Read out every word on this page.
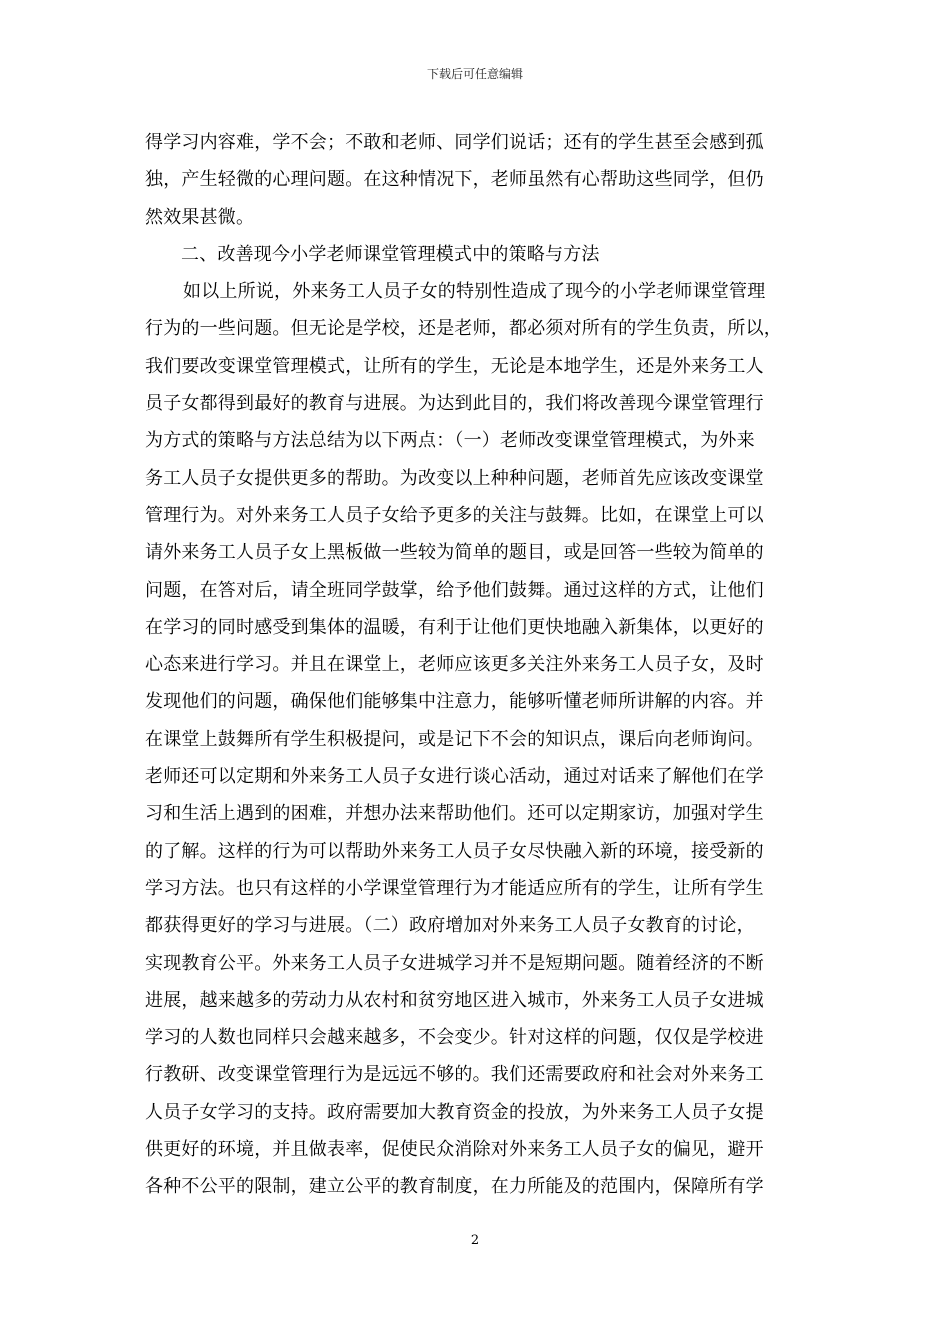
下载后可任意编辑
得学习内容难，学不会；不敢和老师、同学们说话；还有的学生甚至会感到孤
独，产生轻微的心理问题。在这种情况下，老师虽然有心帮助这些同学，但仍
然效果甚微。
二、改善现今小学老师课堂管理模式中的策略与方法
如以上所说，外来务工人员子女的特别性造成了现今的小学老师课堂管理
行为的一些问题。但无论是学校，还是老师，都必须对所有的学生负责，所以，
我们要改变课堂管理模式，让所有的学生，无论是本地学生，还是外来务工人
员子女都得到最好的教育与进展。为达到此目的，我们将改善现今课堂管理行
为方式的策略与方法总结为以下两点：（一）老师改变课堂管理模式，为外来
务工人员子女提供更多的帮助。为改变以上种种问题，老师首先应该改变课堂
管理行为。对外来务工人员子女给予更多的关注与鼓舞。比如，在课堂上可以
请外来务工人员子女上黑板做一些较为简单的题目，或是回答一些较为简单的
问题，在答对后，请全班同学鼓掌，给予他们鼓舞。通过这样的方式，让他们
在学习的同时感受到集体的温暖，有利于让他们更快地融入新集体，以更好的
心态来进行学习。并且在课堂上，老师应该更多关注外来务工人员子女，及时
发现他们的问题，确保他们能够集中注意力，能够听懂老师所讲解的内容。并
在课堂上鼓舞所有学生积极提问，或是记下不会的知识点，课后向老师询问。
老师还可以定期和外来务工人员子女进行谈心活动，通过对话来了解他们在学
习和生活上遇到的困难，并想办法来帮助他们。还可以定期家访，加强对学生
的了解。这样的行为可以帮助外来务工人员子女尽快融入新的环境，接受新的
学习方法。也只有这样的小学课堂管理行为才能适应所有的学生，让所有学生
都获得更好的学习与进展。（二）政府增加对外来务工人员子女教育的讨论，
实现教育公平。外来务工人员子女进城学习并不是短期问题。随着经济的不断
进展，越来越多的劳动力从农村和贫穷地区进入城市，外来务工人员子女进城
学习的人数也同样只会越来越多，不会变少。针对这样的问题，仅仅是学校进
行教研、改变课堂管理行为是远远不够的。我们还需要政府和社会对外来务工
人员子女学习的支持。政府需要加大教育资金的投放，为外来务工人员子女提
供更好的环境，并且做表率，促使民众消除对外来务工人员子女的偏见，避开
各种不公平的限制，建立公平的教育制度，在力所能及的范围内，保障所有学
2
